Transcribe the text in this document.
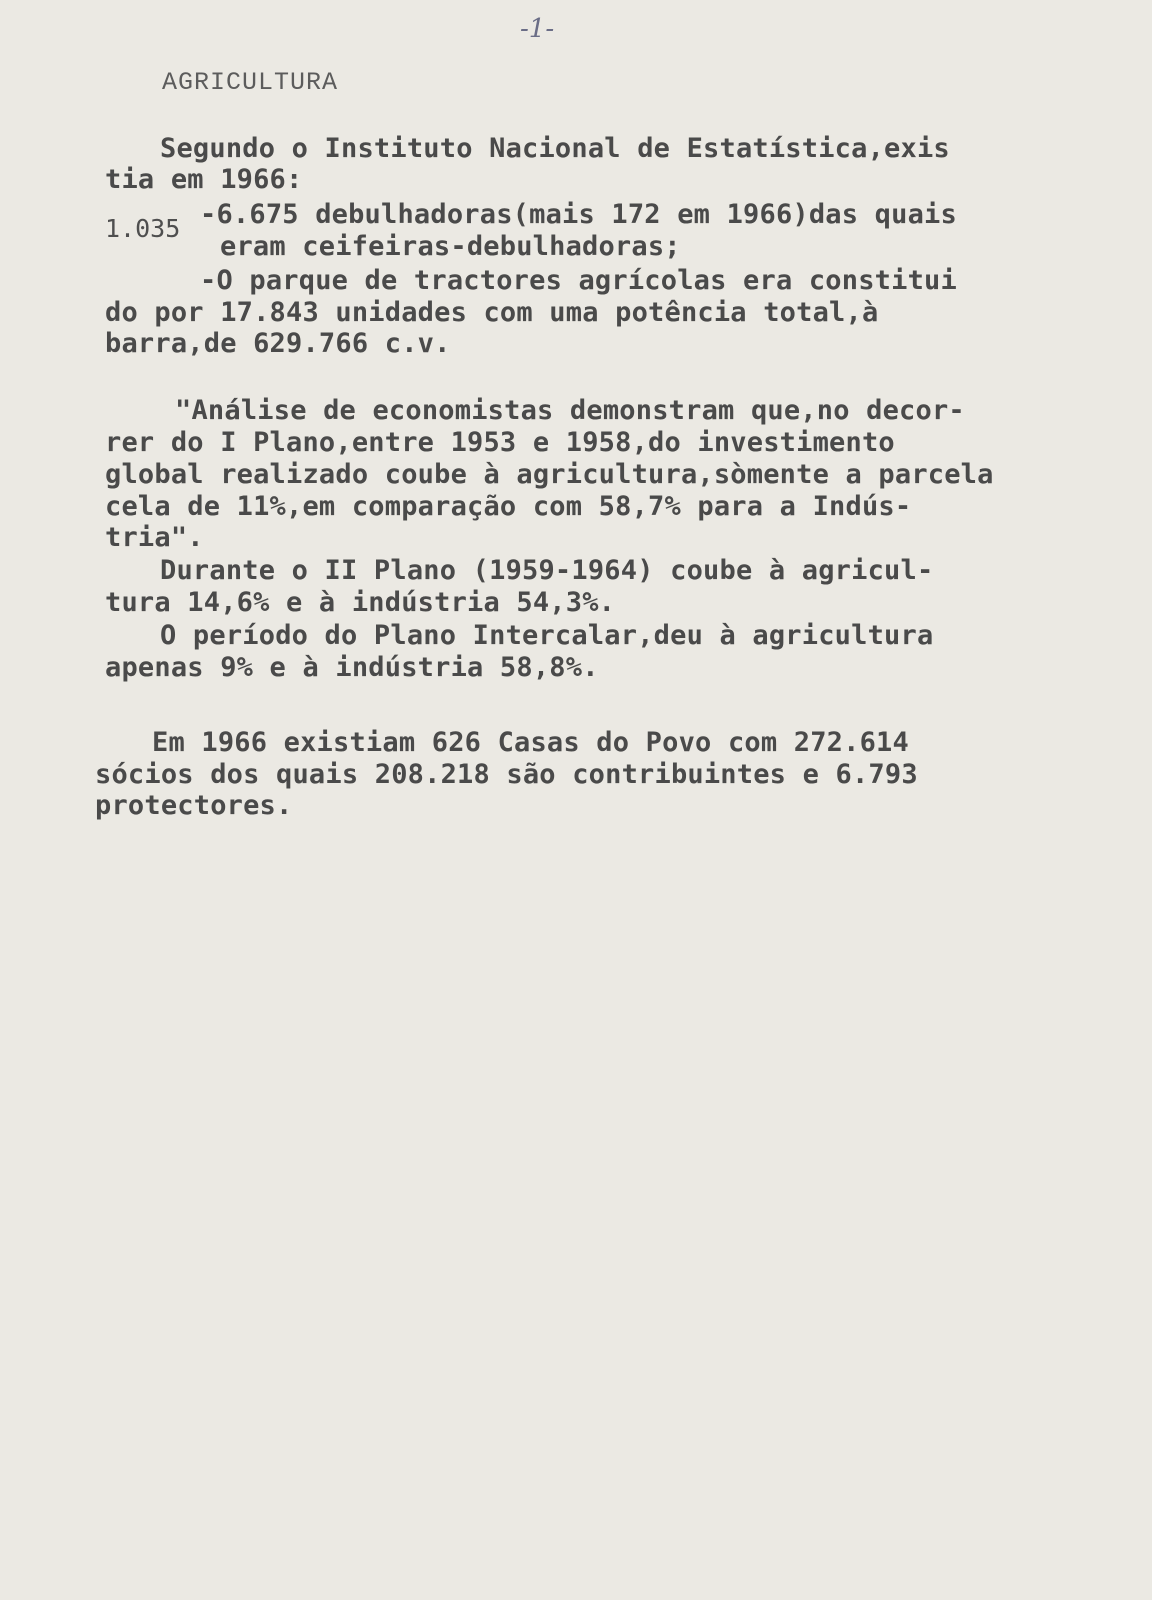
-1-

AGRICULTURA

Segundo o Instituto Nacional de Estatística,exis

tia em 1966:

-6.675 debulhadoras(mais 172 em 1966)das quais

1.035

eram ceifeiras-debulhadoras;

-O parque de tractores agrícolas era constitui

do por 17.843 unidades com uma potência total,à

barra,de 629.766 c.v.

"Análise de economistas demonstram que,no decor-

rer do I Plano,entre 1953 e 1958,do investimento

global realizado coube à agricultura,sòmente a parcela

cela de 11%,em comparação com 58,7% para a Indús-

tria".

Durante o II Plano (1959-1964) coube à agricul-

tura 14,6% e à indústria 54,3%.

O período do Plano Intercalar,deu à agricultura

apenas 9% e à indústria 58,8%.

Em 1966 existiam 626 Casas do Povo com 272.614

sócios dos quais 208.218 são contribuintes e 6.793

protectores.
